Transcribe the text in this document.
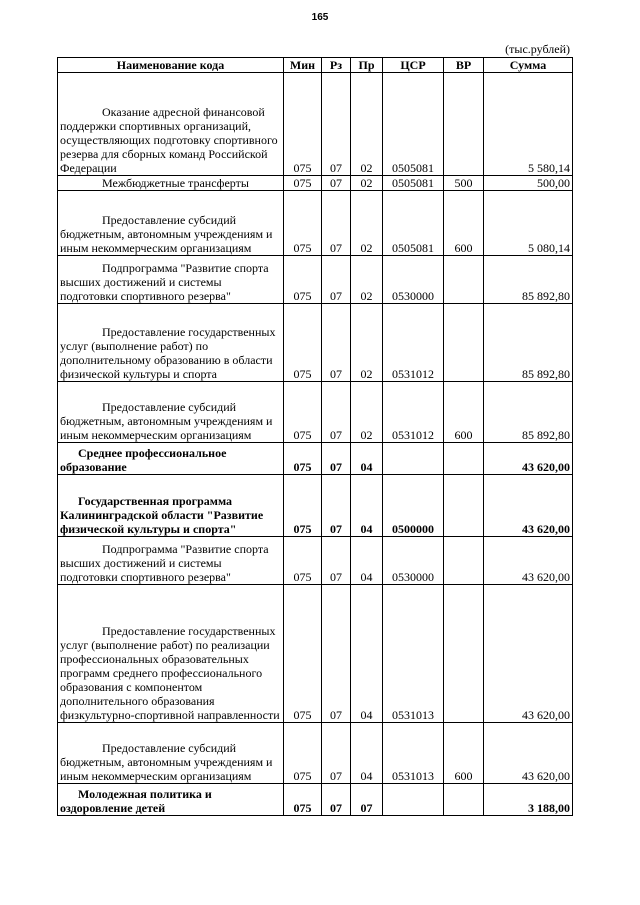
165
(тыс.рублей)
Наименование кода	Мин	Рз	Пр	ЦСР	ВР	Сумма
Оказание адресной финансовой поддержки спортивных организаций, осуществляющих подготовку спортивного резерва для сборных команд Российской Федерации	075	07	02	0505081		5 580,14
Межбюджетные трансферты	075	07	02	0505081	500	500,00
Предоставление субсидий бюджетным, автономным учреждениям и иным некоммерческим организациям	075	07	02	0505081	600	5 080,14
Подпрограмма "Развитие спорта высших достижений и системы подготовки спортивного резерва"	075	07	02	0530000		85 892,80
Предоставление государственных услуг (выполнение работ) по дополнительному образованию в области физической культуры и спорта	075	07	02	0531012		85 892,80
Предоставление субсидий бюджетным, автономным учреждениям и иным некоммерческим организациям	075	07	02	0531012	600	85 892,80
Среднее профессиональное образование	075	07	04			43 620,00
Государственная программа Калининградской области "Развитие физической культуры и спорта"	075	07	04	0500000		43 620,00
Подпрограмма "Развитие спорта высших достижений и системы подготовки спортивного резерва"	075	07	04	0530000		43 620,00
Предоставление государственных услуг (выполнение работ) по реализации профессиональных образовательных программ среднего профессионального образования с компонентом дополнительного образования физкультурно-спортивной направленности	075	07	04	0531013		43 620,00
Предоставление субсидий бюджетным, автономным учреждениям и иным некоммерческим организациям	075	07	04	0531013	600	43 620,00
Молодежная политика и оздоровление детей	075	07	07			3 188,00
